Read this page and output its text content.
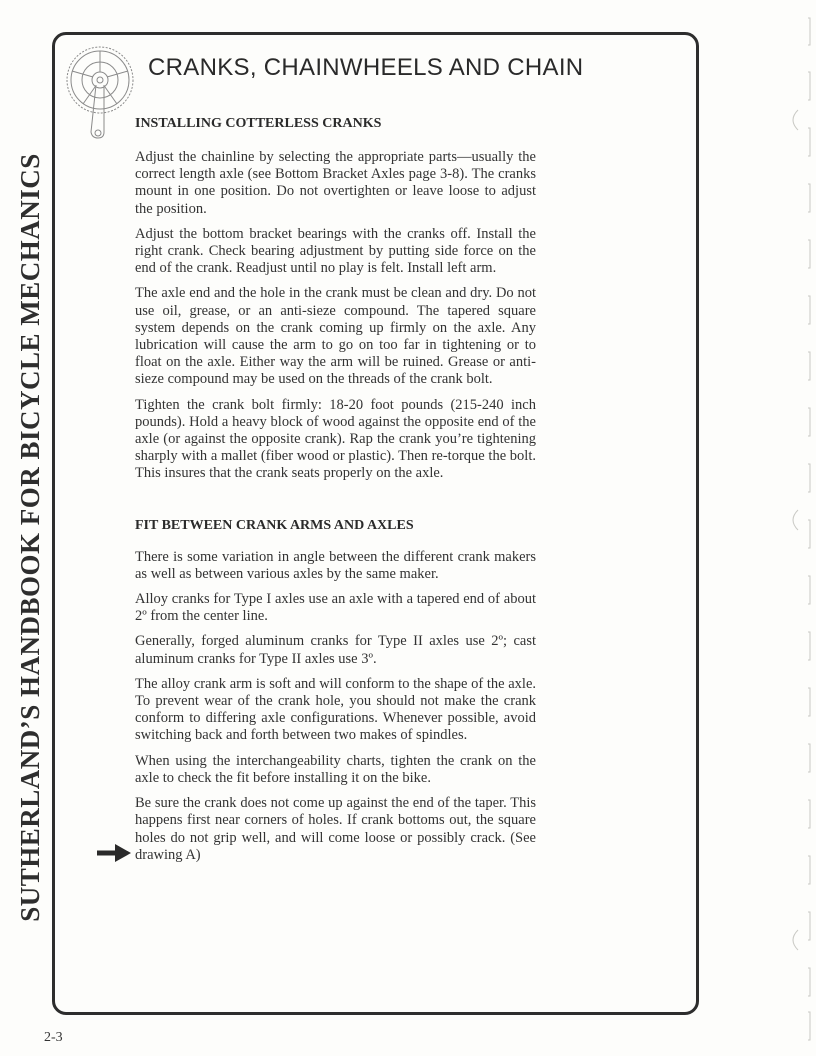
SUTHERLAND’S HANDBOOK FOR BICYCLE MECHANICS
CRANKS, CHAINWHEELS AND CHAIN
INSTALLING COTTERLESS CRANKS

Adjust the chainline by selecting the appropriate parts—usually the correct length axle (see Bottom Bracket Axles page 3-8). The cranks mount in one position. Do not overtighten or leave loose to adjust the position.

Adjust the bottom bracket bearings with the cranks off. Install the right crank. Check bearing adjustment by putting side force on the end of the crank. Readjust until no play is felt. Install left arm.

The axle end and the hole in the crank must be clean and dry. Do not use oil, grease, or an anti-sieze compound. The tapered square system depends on the crank coming up firmly on the axle. Any lubrication will cause the arm to go on too far in tightening or to float on the axle. Either way the arm will be ruined. Grease or anti-sieze compound may be used on the threads of the crank bolt.

Tighten the crank bolt firmly: 18-20 foot pounds (215-240 inch pounds). Hold a heavy block of wood against the opposite end of the axle (or against the opposite crank). Rap the crank you’re tightening sharply with a mallet (fiber wood or plastic). Then re-torque the bolt. This insures that the crank seats properly on the axle.

FIT BETWEEN CRANK ARMS AND AXLES

There is some variation in angle between the different crank makers as well as between various axles by the same maker.

Alloy cranks for Type I axles use an axle with a tapered end of about 2º from the center line.

Generally, forged aluminum cranks for Type II axles use 2º; cast aluminum cranks for Type II axles use 3º.

The alloy crank arm is soft and will conform to the shape of the axle. To prevent wear of the crank hole, you should not make the crank conform to differing axle configurations. Whenever possible, avoid switching back and forth between two makes of spindles.

When using the interchangeability charts, tighten the crank on the axle to check the fit before installing it on the bike.

Be sure the crank does not come up against the end of the taper. This happens first near corners of holes. If crank bottoms out, the square holes do not grip well, and will come loose or possibly crack. (See drawing A)

2-3
